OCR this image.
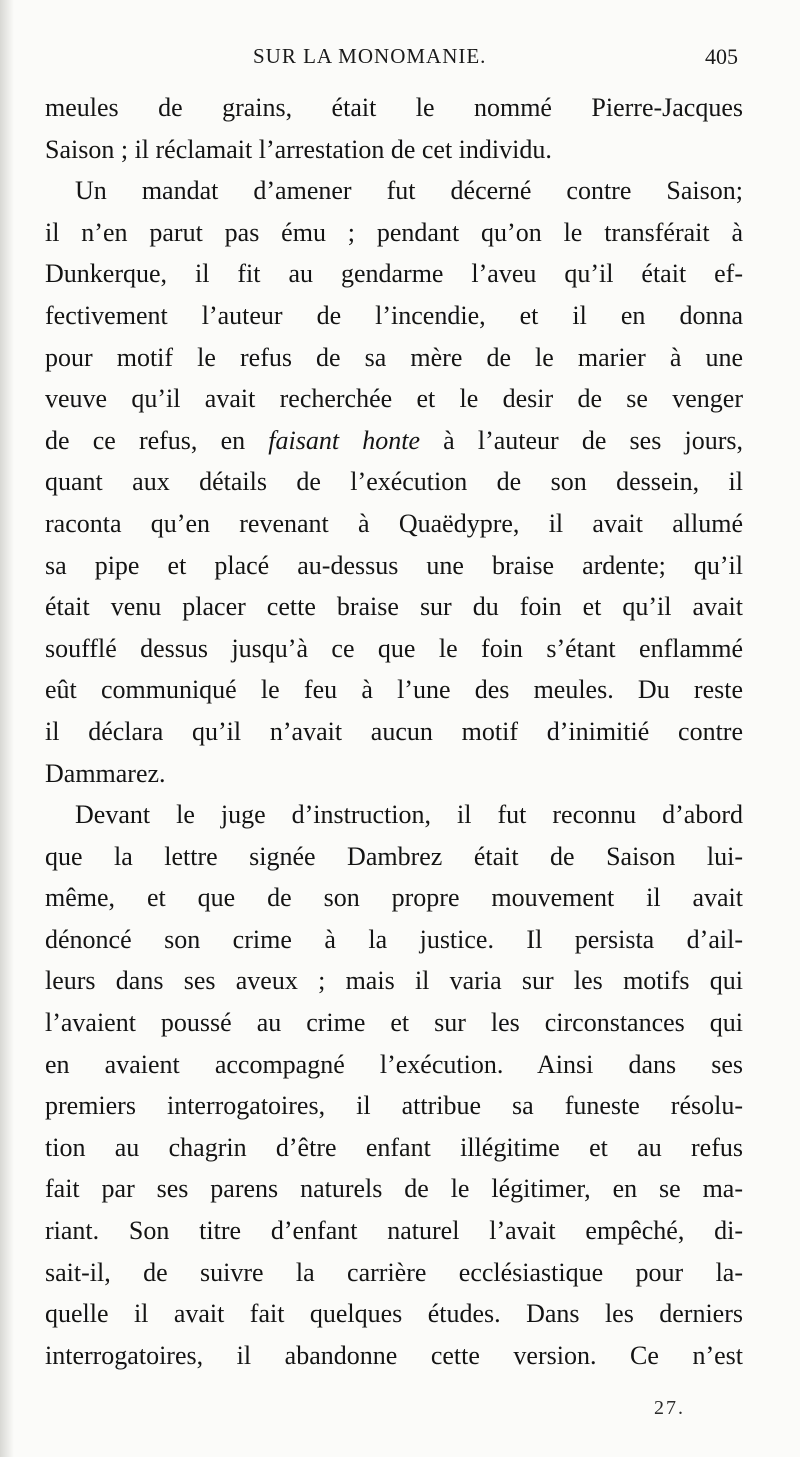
SUR LA MONOMANIE.	405
meules de grains, était le nommé Pierre-Jacques
Saison ; il réclamait l’arrestation de cet individu.
Un mandat d’amener fut décerné contre Saison;
il n’en parut pas ému ; pendant qu’on le transférait à
Dunkerque, il fit au gendarme l’aveu qu’il était ef-
fectivement l’auteur de l’incendie, et il en donna
pour motif le refus de sa mère de le marier à une
veuve qu’il avait recherchée et le desir de se venger
de ce refus, en faisant honte à l’auteur de ses jours,
quant aux détails de l’exécution de son dessein, il
raconta qu’en revenant à Quaëdypre, il avait allumé
sa pipe et placé au-dessus une braise ardente; qu’il
était venu placer cette braise sur du foin et qu’il avait
soufflé dessus jusqu’à ce que le foin s’étant enflammé
eût communiqué le feu à l’une des meules. Du reste
il déclara qu’il n’avait aucun motif d’inimitié contre
Dammarez.
Devant le juge d’instruction, il fut reconnu d’abord
que la lettre signée Dambrez était de Saison lui-
même, et que de son propre mouvement il avait
dénoncé son crime à la justice. Il persista d’ail-
leurs dans ses aveux ; mais il varia sur les motifs qui
l’avaient poussé au crime et sur les circonstances qui
en avaient accompagné l’exécution. Ainsi dans ses
premiers interrogatoires, il attribue sa funeste résolu-
tion au chagrin d’être enfant illégitime et au refus
fait par ses parens naturels de le légitimer, en se ma-
riant. Son titre d’enfant naturel l’avait empêché, di-
sait-il, de suivre la carrière ecclésiastique pour la-
quelle il avait fait quelques études. Dans les derniers
interrogatoires, il abandonne cette version. Ce n’est
27.
